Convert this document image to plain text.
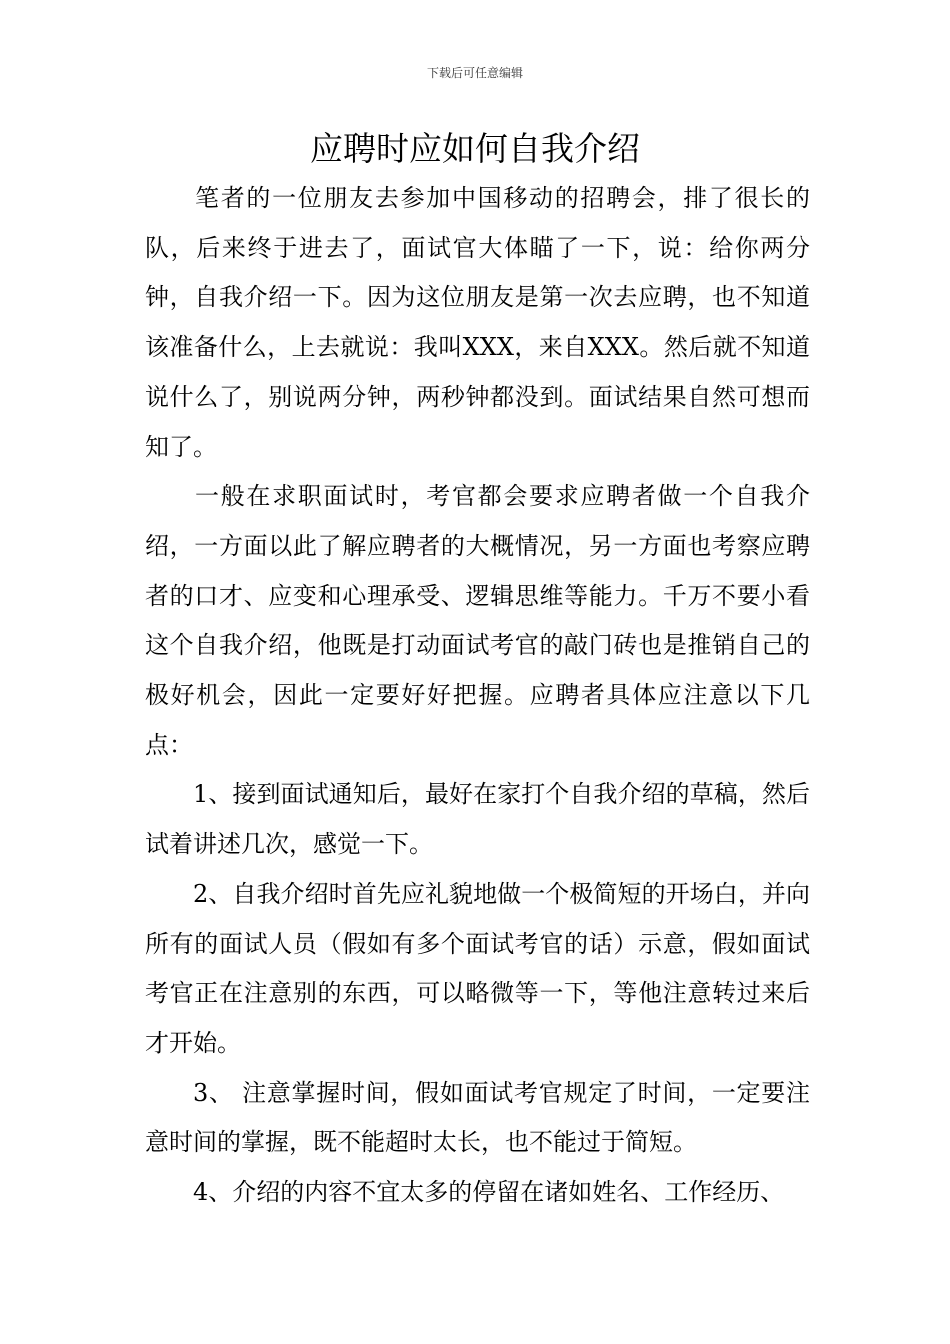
下载后可任意编辑
应聘时应如何自我介绍

笔者的一位朋友去参加中国移动的招聘会，排了很长的队，后来终于进去了，面试官大体瞄了一下，说：给你两分钟，自我介绍一下。因为这位朋友是第一次去应聘，也不知道该准备什么，上去就说：我叫XXX，来自XXX。然后就不知道说什么了，别说两分钟，两秒钟都没到。面试结果自然可想而知了。

一般在求职面试时，考官都会要求应聘者做一个自我介绍，一方面以此了解应聘者的大概情况，另一方面也考察应聘者的口才、应变和心理承受、逻辑思维等能力。千万不要小看这个自我介绍，他既是打动面试考官的敲门砖也是推销自己的极好机会，因此一定要好好把握。应聘者具体应注意以下几点：

1、接到面试通知后，最好在家打个自我介绍的草稿，然后试着讲述几次，感觉一下。

2、自我介绍时首先应礼貌地做一个极简短的开场白，并向所有的面试人员（假如有多个面试考官的话）示意，假如面试考官正在注意别的东西，可以略微等一下，等他注意转过来后才开始。

3、 注意掌握时间，假如面试考官规定了时间，一定要注意时间的掌握，既不能超时太长，也不能过于简短。

4、介绍的内容不宜太多的停留在诸如姓名、工作经历、
